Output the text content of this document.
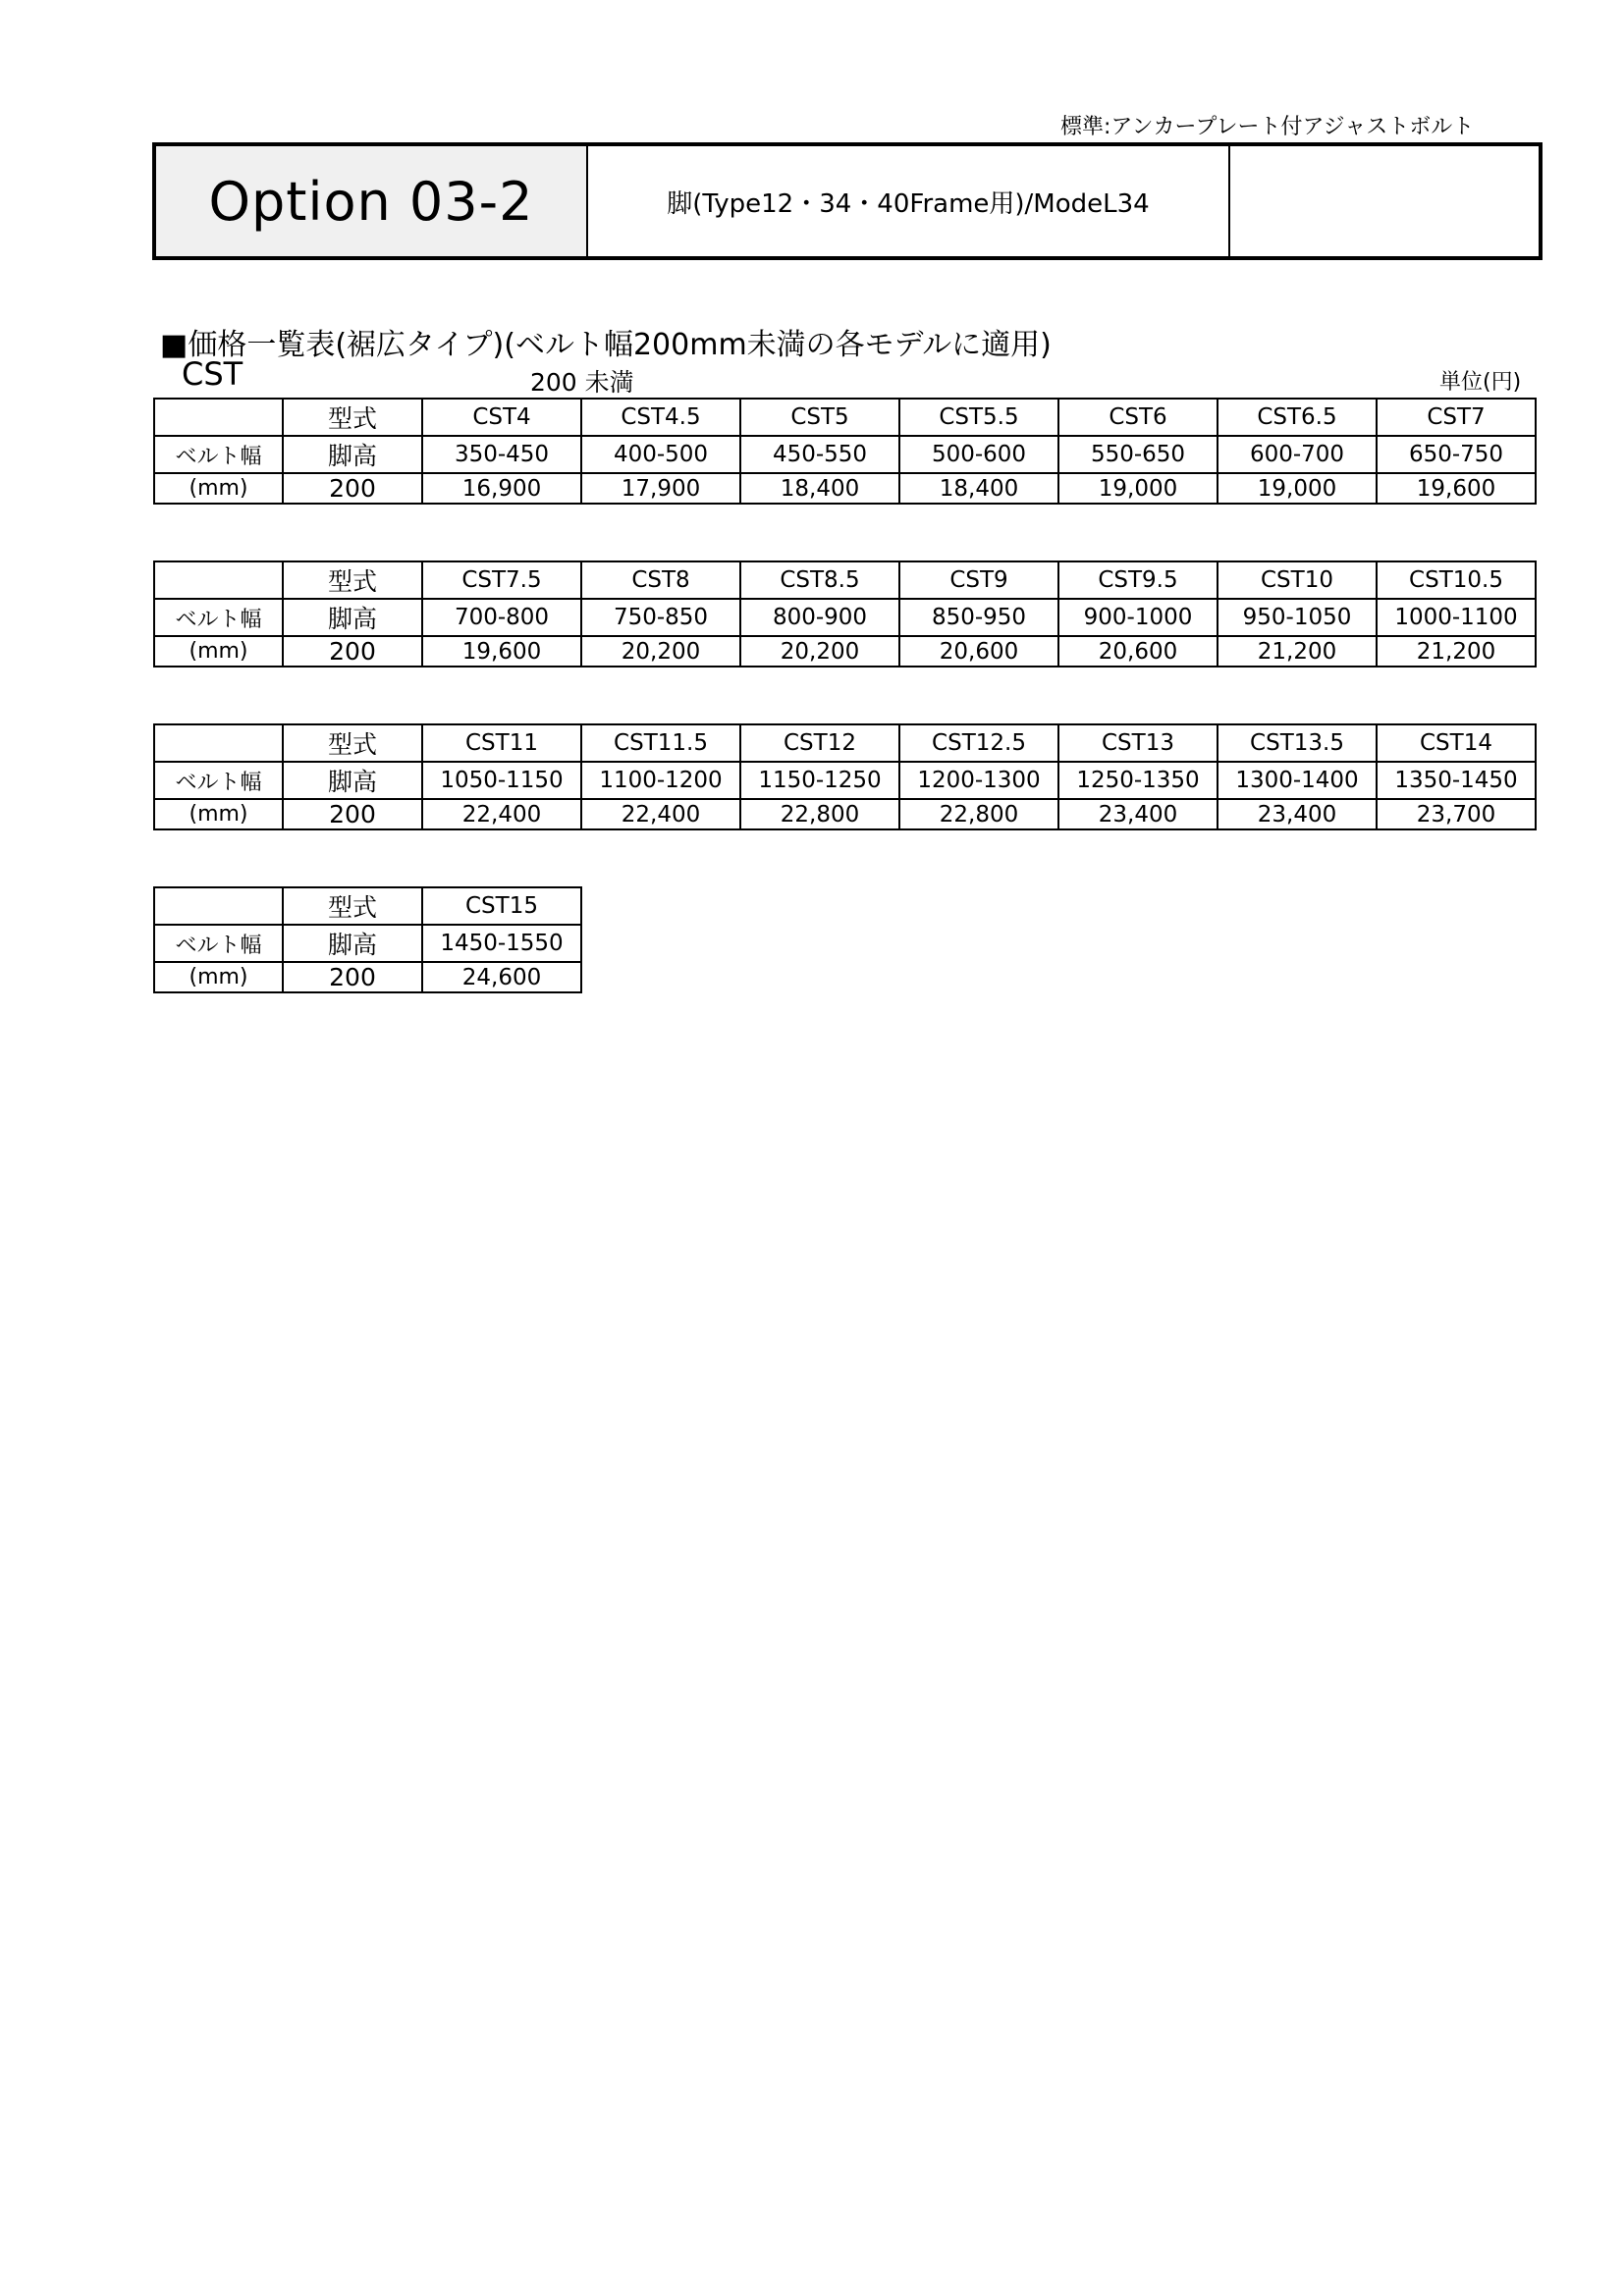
標準:アンカープレート付アジャストボルト
Option 03-2	脚(Type12・34・40Frame用)/ModeL34
■価格一覧表(裾広タイプ)(ベルト幅200mm未満の各モデルに適用)
CST	200 未満	単位(円)
	型式	CST4	CST4.5	CST5	CST5.5	CST6	CST6.5	CST7
ベルト幅	脚高	350-450	400-500	450-550	500-600	550-650	600-700	650-750
(mm)	200	16,900	17,900	18,400	18,400	19,000	19,000	19,600
	型式	CST7.5	CST8	CST8.5	CST9	CST9.5	CST10	CST10.5
ベルト幅	脚高	700-800	750-850	800-900	850-950	900-1000	950-1050	1000-1100
(mm)	200	19,600	20,200	20,200	20,600	20,600	21,200	21,200
	型式	CST11	CST11.5	CST12	CST12.5	CST13	CST13.5	CST14
ベルト幅	脚高	1050-1150	1100-1200	1150-1250	1200-1300	1250-1350	1300-1400	1350-1450
(mm)	200	22,400	22,400	22,800	22,800	23,400	23,400	23,700
	型式	CST15
ベルト幅	脚高	1450-1550
(mm)	200	24,600
